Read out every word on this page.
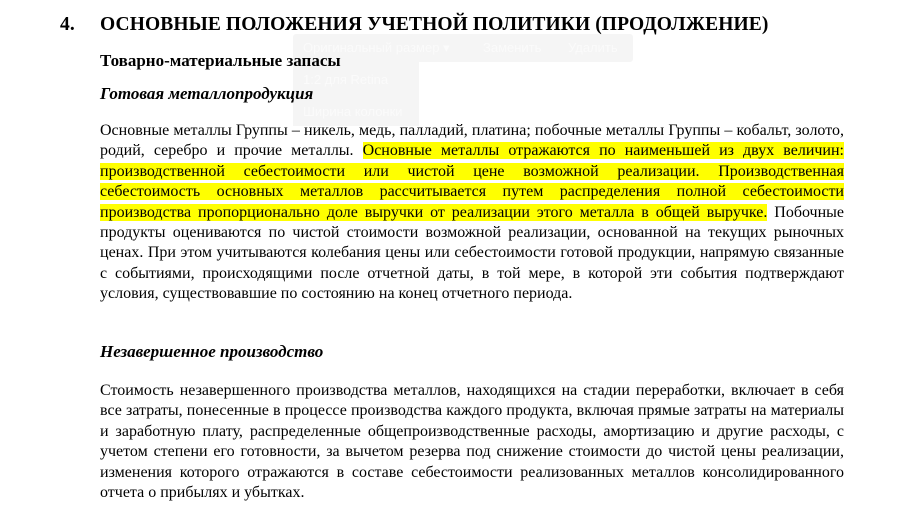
4. ОСНОВНЫЕ ПОЛОЖЕНИЯ УЧЕТНОЙ ПОЛИТИКИ (ПРОДОЛЖЕНИЕ)
Оригинальный размер ▾	Заменить Удалить
1:2 для Retina
Ширина колонки
Товарно-материальные запасы
Готовая металлопродукция
Основные металлы Группы – никель, медь, палладий, платина; побочные металлы Группы – кобальт, золото, родий, серебро и прочие металлы. Основные металлы отражаются по наименьшей из двух величин: производственной себестоимости или чистой цене возможной реализации. Производственная себестоимость основных металлов рассчитывается путем распределения полной себестоимости производства пропорционально доле выручки от реализации этого металла в общей выручке. Побочные продукты оцениваются по чистой стоимости возможной реализации, основанной на текущих рыночных ценах. При этом учитываются колебания цены или себестоимости готовой продукции, напрямую связанные с событиями, происходящими после отчетной даты, в той мере, в которой эти события подтверждают условия, существовавшие по состоянию на конец отчетного периода.
Незавершенное производство
Стоимость незавершенного производства металлов, находящихся на стадии переработки, включает в себя все затраты, понесенные в процессе производства каждого продукта, включая прямые затраты на материалы и заработную плату, распределенные общепроизводственные расходы, амортизацию и другие расходы, с учетом степени его готовности, за вычетом резерва под снижение стоимости до чистой цены реализации, изменения которого отражаются в составе себестоимости реализованных металлов консолидированного отчета о прибылях и убытках.
